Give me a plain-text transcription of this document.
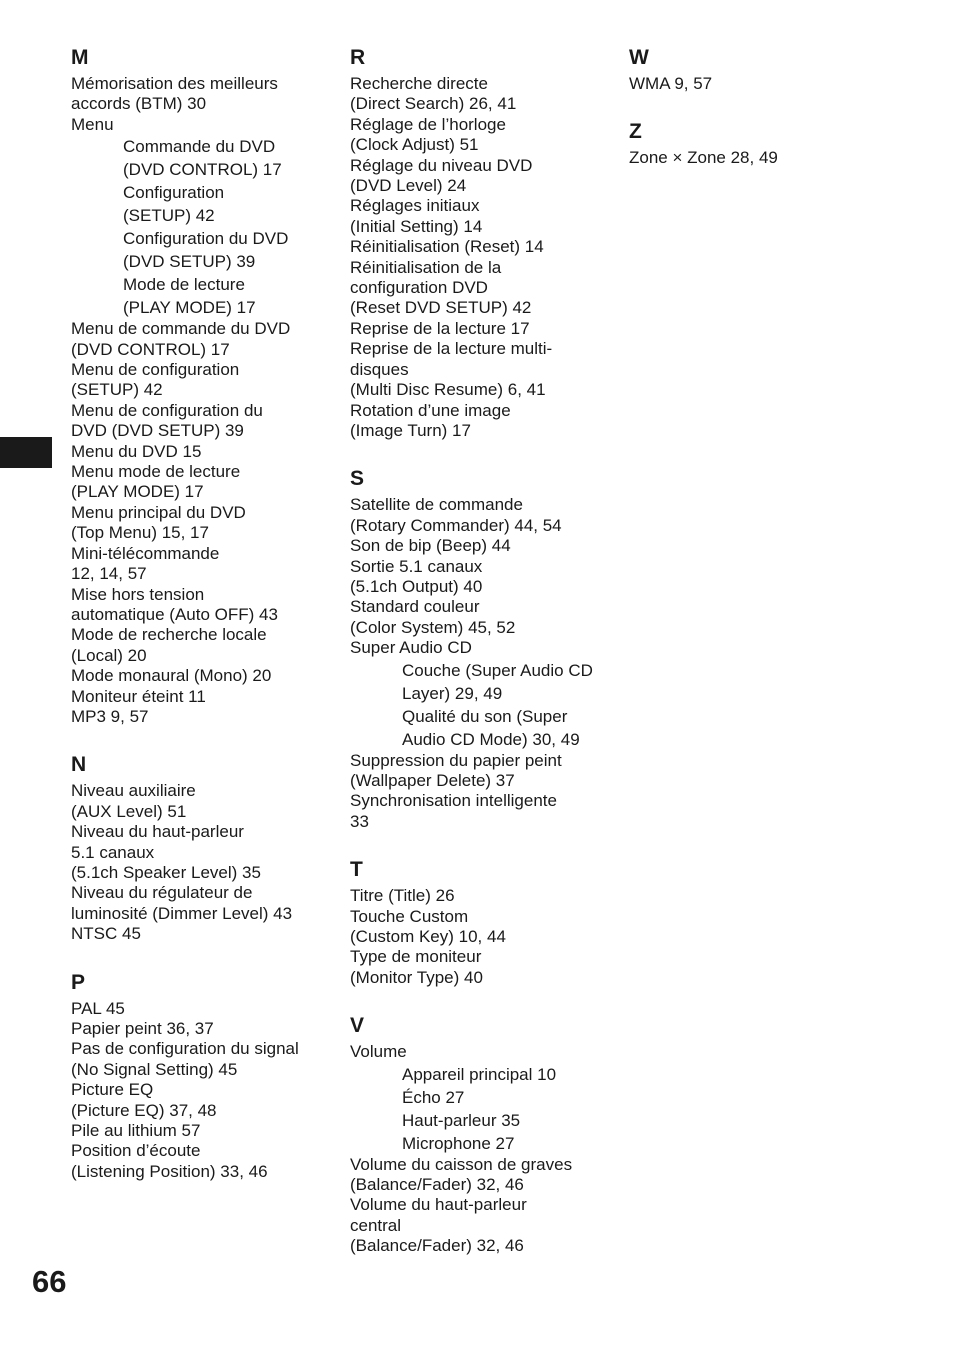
M
Mémorisation des meilleurs
accords (BTM) 30
Menu
Commande du DVD
(DVD CONTROL) 17
Configuration
(SETUP) 42
Configuration du DVD
(DVD SETUP) 39
Mode de lecture
(PLAY MODE) 17
Menu de commande du DVD
(DVD CONTROL) 17
Menu de configuration
(SETUP) 42
Menu de configuration du
DVD (DVD SETUP) 39
Menu du DVD 15
Menu mode de lecture
(PLAY MODE) 17
Menu principal du DVD
(Top Menu) 15, 17
Mini-télécommande
12, 14, 57
Mise hors tension
automatique (Auto OFF) 43
Mode de recherche locale
(Local) 20
Mode monaural (Mono) 20
Moniteur éteint 11
MP3 9, 57
N
Niveau auxiliaire
(AUX Level) 51
Niveau du haut-parleur
5.1 canaux
(5.1ch Speaker Level) 35
Niveau du régulateur de
luminosité (Dimmer Level) 43
NTSC 45
P
PAL 45
Papier peint 36, 37
Pas de configuration du signal
(No Signal Setting) 45
Picture EQ
(Picture EQ) 37, 48
Pile au lithium 57
Position d’écoute
(Listening Position) 33, 46
R
Recherche directe
(Direct Search) 26, 41
Réglage de l’horloge
(Clock Adjust) 51
Réglage du niveau DVD
(DVD Level) 24
Réglages initiaux
(Initial Setting) 14
Réinitialisation (Reset) 14
Réinitialisation de la
configuration DVD
(Reset DVD SETUP) 42
Reprise de la lecture 17
Reprise de la lecture multi-
disques
(Multi Disc Resume) 6, 41
Rotation d’une image
(Image Turn) 17
S
Satellite de commande
(Rotary Commander) 44, 54
Son de bip (Beep) 44
Sortie 5.1 canaux
(5.1ch Output) 40
Standard couleur
(Color System) 45, 52
Super Audio CD
Couche (Super Audio CD
Layer) 29, 49
Qualité du son (Super
Audio CD Mode) 30, 49
Suppression du papier peint
(Wallpaper Delete) 37
Synchronisation intelligente
33
T
Titre (Title) 26
Touche Custom
(Custom Key) 10, 44
Type de moniteur
(Monitor Type) 40
V
Volume
Appareil principal 10
Écho 27
Haut-parleur 35
Microphone 27
Volume du caisson de graves
(Balance/Fader) 32, 46
Volume du haut-parleur
central
(Balance/Fader) 32, 46
W
WMA 9, 57
Z
Zone × Zone 28, 49
66
